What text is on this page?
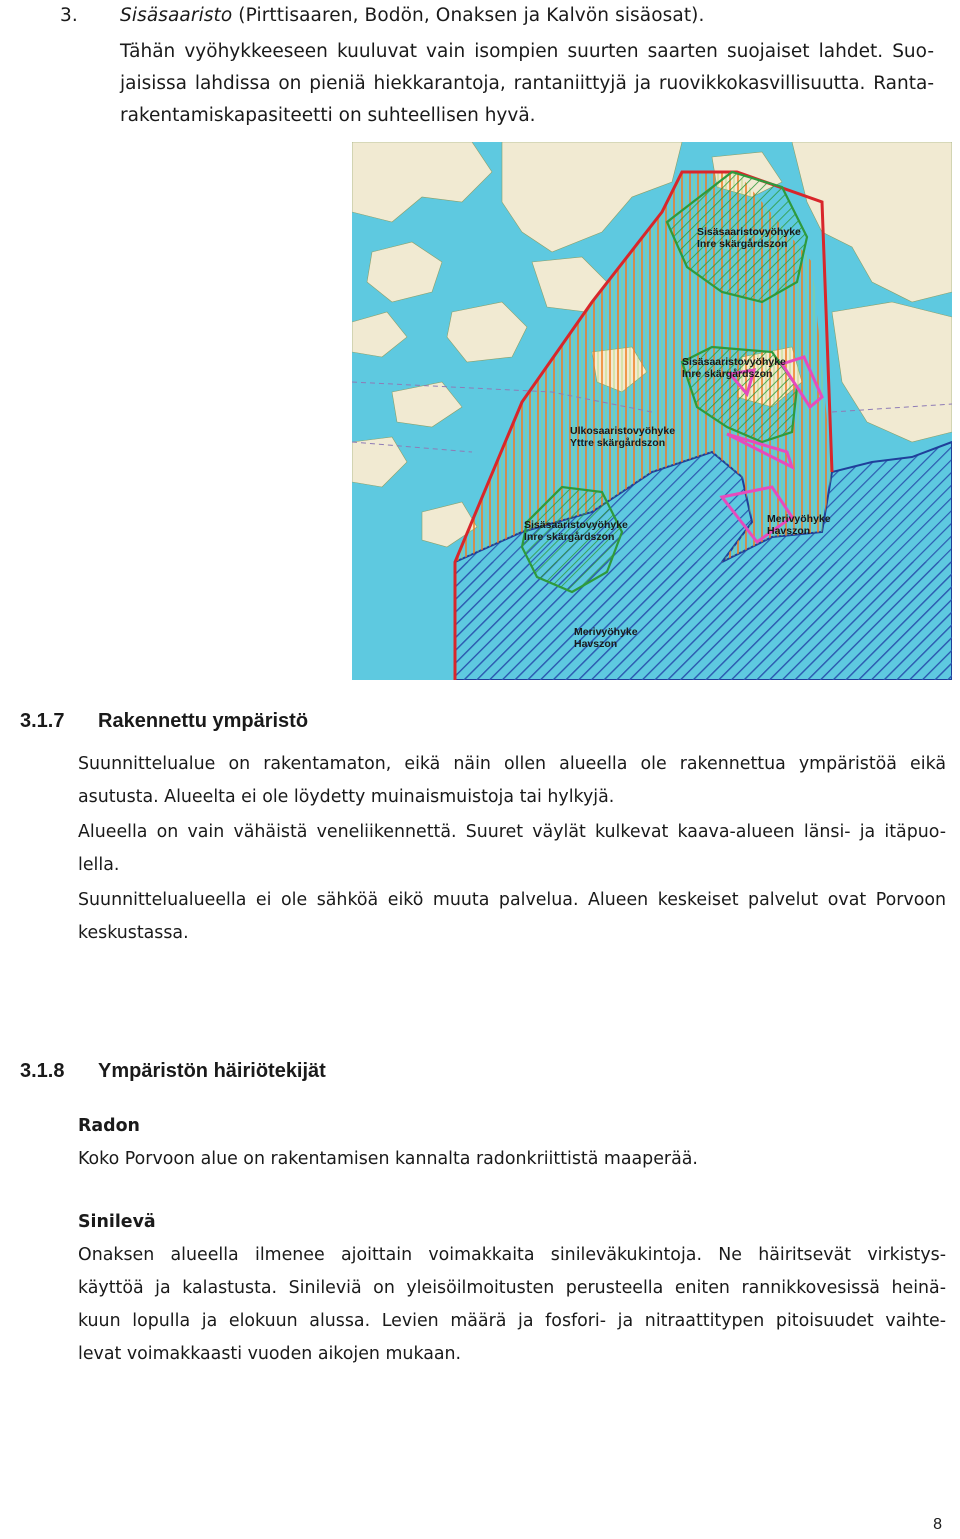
3. Sisäsaaristo (Pirttisaaren, Bodön, Onaksen ja Kalvön sisäosat).

Tähän vyöhykkeeseen kuuluvat vain isompien suurten saarten suojaiset lahdet. Suo-

jaisissa lahdissa on pieniä hiekkarantoja, rantaniittyjä ja ruovikkokasvillisuutta. Ranta-

rakentamiskapasiteetti on suhteellisen hyvä.

Sisäsaaristovyöhyke
Inre skärgårdszon
Sisäsaaristovyöhyke
Inre skärgårdszon
Ulkosaaristovyöhyke
Yttre skärgårdszon
Sisäsaaristovyöhyke
Inre skärgårdszon
Merivyöhyke
Havszon
Merivyöhyke
Havszon
3.1.7 Rakennettu ympäristö

Suunnittelualue on rakentamaton, eikä näin ollen alueella ole rakennettua ympäristöä eikä

asutusta. Alueelta ei ole löydetty muinaismuistoja tai hylkyjä.

Alueella on vain vähäistä veneliikennettä. Suuret väylät kulkevat kaava-alueen länsi- ja itäpuo-

lella.

Suunnittelualueella ei ole sähköä eikö muuta palvelua. Alueen keskeiset palvelut ovat Porvoon

keskustassa.

3.1.8 Ympäristön häiriötekijät
Radon

Koko Porvoon alue on rakentamisen kannalta radonkriittistä maaperää.

Sinilevä

Onaksen alueella ilmenee ajoittain voimakkaita sinileväkukintoja. Ne häiritsevät virkistys-

käyttöä ja kalastusta. Sinileviä on yleisöilmoitusten perusteella eniten rannikkovesissä heinä-

kuun lopulla ja elokuun alussa. Levien määrä ja fosfori- ja nitraattitypen pitoisuudet vaihte-

levat voimakkaasti vuoden aikojen mukaan.

8
